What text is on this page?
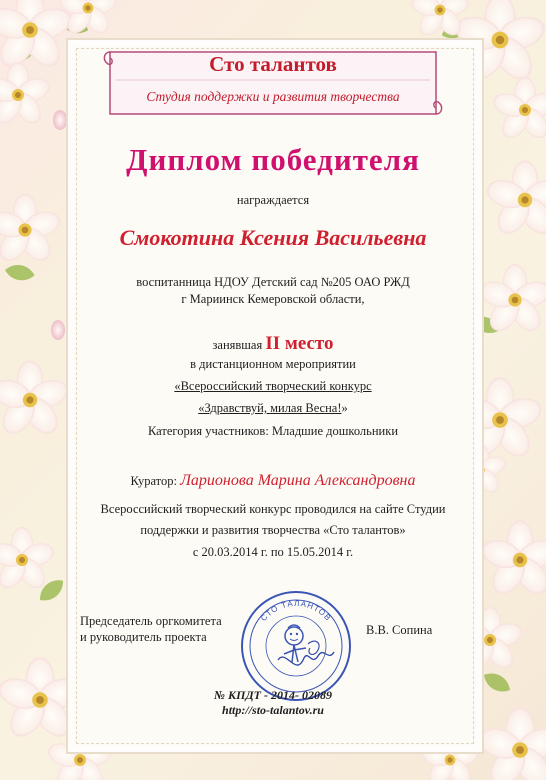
Сто талантов
Студия поддержки и развития творчества
Диплом победителя
награждается
Смокотина Ксения Васильевна
воспитанница НДОУ Детский сад №205 ОАО РЖД
г Мариинск Кемеровской области,
занявшая II место
в дистанционном мероприятии
«Всероссийский творческий конкурс
«Здравствуй, милая Весна!»
Категория участников: Младшие дошкольники
Куратор: Ларионова Марина Александровна
Всероссийский творческий конкурс проводился на сайте Студии
поддержки и развития творчества «Сто талантов»
с 20.03.2014 г. по 15.05.2014 г.
Председатель оргкомитета
и руководитель проекта	В.В. Сопина
СТО ТАЛАНТОВ
№ КПДТ - 2014- 02089
http://sto-talantov.ru
